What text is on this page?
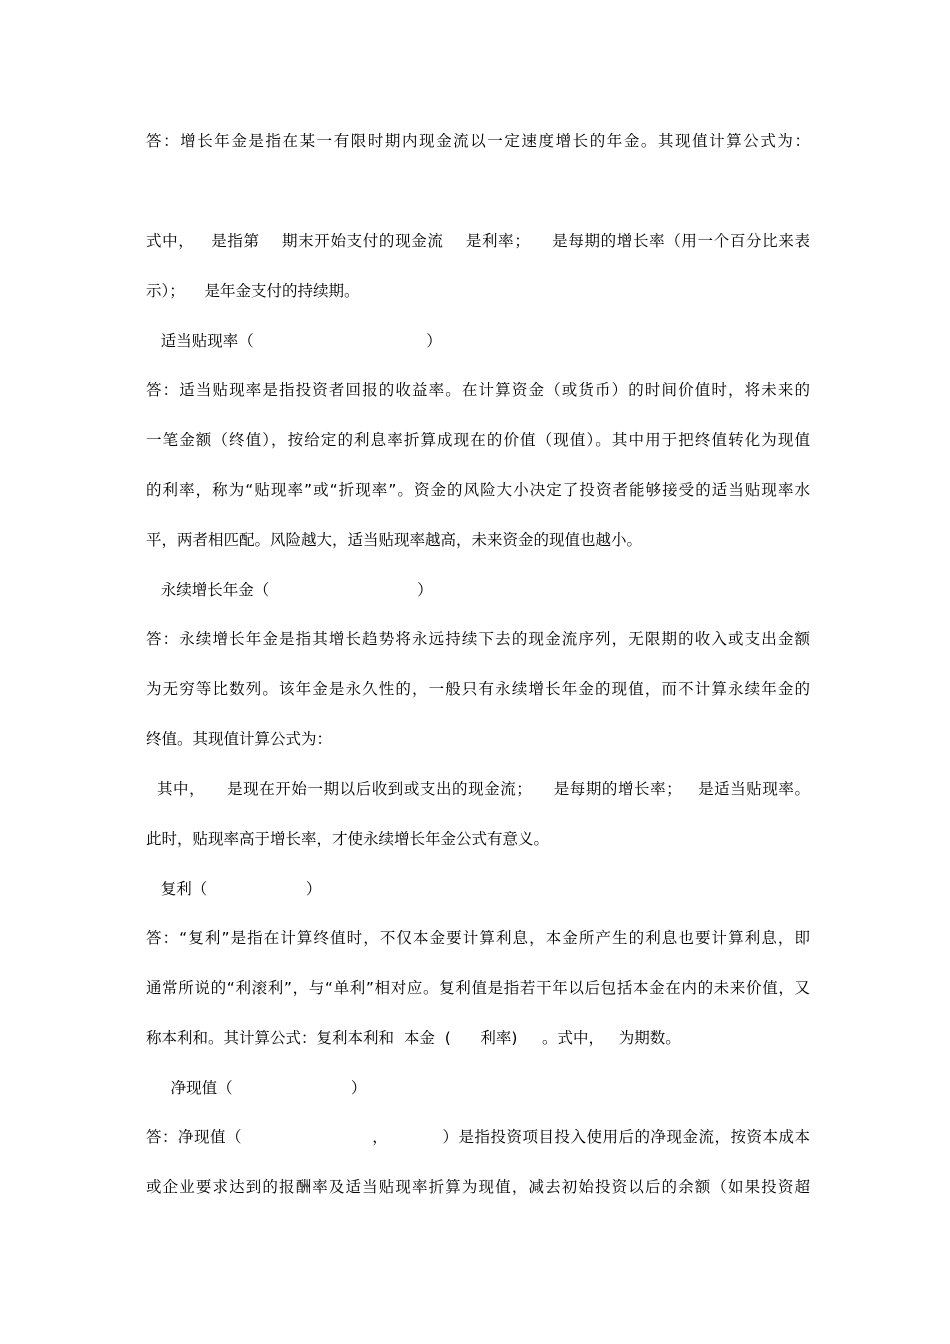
答：增长年金是指在某一有限时期内现金流以一定速度增长的年金。其现值计算公式为：
式中，   是指第    期末开始支付的现金流    是利率；    是每期的增长率（用一个百分比来表
示）；    是年金支付的持续期。
适当贴现率（                                   ）
答：适当贴现率是指投资者回报的收益率。在计算资金（或货币）的时间价值时，将未来的
一笔金额（终值），按给定的利息率折算成现在的价值（现值）。其中用于把终值转化为现值
的利率，称为“贴现率”或“折现率”。资金的风险大小决定了投资者能够接受的适当贴现率水
平，两者相匹配。风险越大，适当贴现率越高，未来资金的现值也越小。
永续增长年金（                              ）
答：永续增长年金是指其增长趋势将永远持续下去的现金流序列，无限期的收入或支出金额
为无穷等比数列。该年金是永久性的，一般只有永续增长年金的现值，而不计算永续年金的
终值。其现值计算公式为：
其中，    是现在开始一期以后收到或支出的现金流；    是每期的增长率；   是适当贴现率。
此时，贴现率高于增长率，才使永续增长年金公式有意义。
复利（                    ）
答：“复利”是指在计算终值时，不仅本金要计算利息，本金所产生的利息也要计算利息，即
通常所说的“利滚利”，与“单利”相对应。复利值是指若干年以后包括本金在内的未来价值，又
称本利和。其计算公式：复利本利和  本金  (      利率)     。式中，   为期数。
净现值（                        ）
答：净现值（                        ，          ）是指投资项目投入使用后的净现金流，按资本成本
或企业要求达到的报酬率及适当贴现率折算为现值，减去初始投资以后的余额（如果投资超
